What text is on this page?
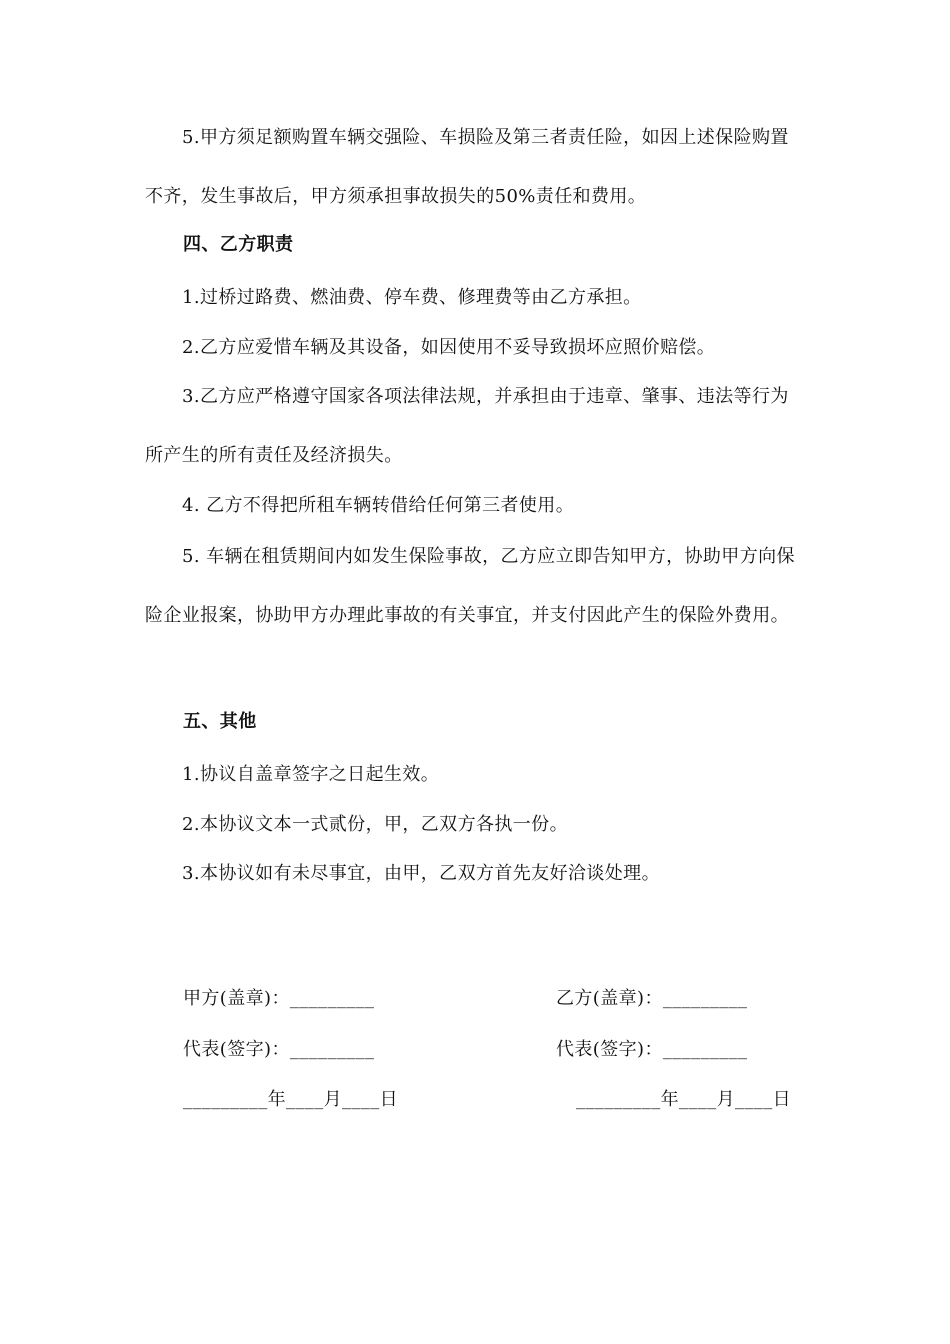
5.甲方须足额购置车辆交强险、车损险及第三者责任险，如因上述保险购置不齐，发生事故后，甲方须承担事故损失的50%责任和费用。

四、乙方职责

1.过桥过路费、燃油费、停车费、修理费等由乙方承担。

2.乙方应爱惜车辆及其设备，如因使用不妥导致损坏应照价赔偿。

3.乙方应严格遵守国家各项法律法规，并承担由于违章、肇事、违法等行为所产生的所有责任及经济损失。

4. 乙方不得把所租车辆转借给任何第三者使用。

5. 车辆在租赁期间内如发生保险事故，乙方应立即告知甲方，协助甲方向保险企业报案，协助甲方办理此事故的有关事宜，并支付因此产生的保险外费用。

五、其他

1.协议自盖章签字之日起生效。

2.本协议文本一式贰份，甲，乙双方各执一份。

3.本协议如有未尽事宜，由甲，乙双方首先友好洽谈处理。

甲方(盖章)：_________	乙方(盖章)：_________
代表(签字)：_________	代表(签字)：_________
_________年____月____日	_________年____月____日
